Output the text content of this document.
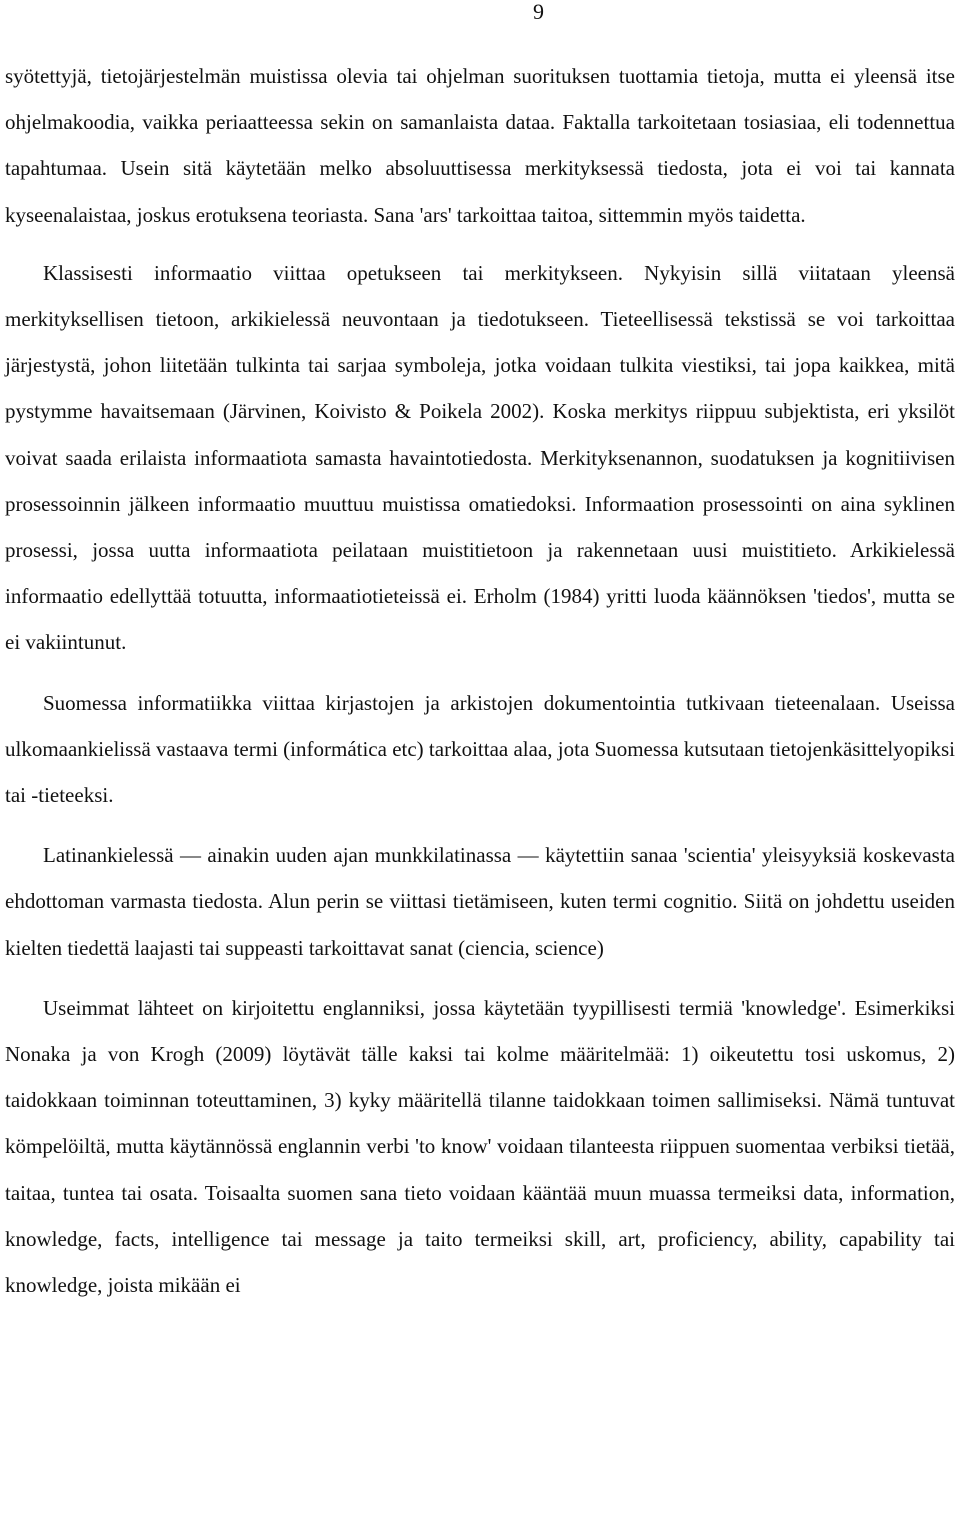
9

syötettyjä, tietojärjestelmän muistissa olevia tai ohjelman suorituksen tuottamia tietoja, mutta ei yleensä itse ohjelmakoodia, vaikka periaatteessa sekin on samanlaista dataa. Faktalla tarkoitetaan tosiasiaa, eli todennettua tapahtumaa. Usein sitä käytetään melko absoluuttisessa merkityksessä tiedosta, jota ei voi tai kannata kyseenalaistaa, joskus erotuksena teoriasta. Sana 'ars' tarkoittaa taitoa, sittemmin myös taidetta.

Klassisesti informaatio viittaa opetukseen tai merkitykseen. Nykyisin sillä viitataan yleensä merkityksellisen tietoon, arkikielessä neuvontaan ja tiedotukseen. Tieteellisessä tekstissä se voi tarkoittaa järjestystä, johon liitetään tulkinta tai sarjaa symboleja, jotka voidaan tulkita viestiksi, tai jopa kaikkea, mitä pystymme havaitsemaan (Järvinen, Koivisto & Poikela 2002). Koska merkitys riippuu subjektista, eri yksilöt voivat saada erilaista informaatiota samasta havaintotiedosta. Merkityksenannon, suodatuksen ja kognitiivisen prosessoinnin jälkeen informaatio muuttuu muistissa omatiedoksi. Informaation prosessointi on aina syklinen prosessi, jossa uutta informaatiota peilataan muistitietoon ja rakennetaan uusi muistitieto. Arkikielessä informaatio edellyttää totuutta, informaatiotieteissä ei. Erholm (1984) yritti luoda käännöksen 'tiedos', mutta se ei vakiintunut.

Suomessa informatiikka viittaa kirjastojen ja arkistojen dokumentointia tutkivaan tieteenalaan. Useissa ulkomaankielissä vastaava termi (informática etc) tarkoittaa alaa, jota Suomessa kutsutaan tietojenkäsittelyopiksi tai -tieteeksi.

Latinankielessä — ainakin uuden ajan munkkilatinassa — käytettiin sanaa 'scientia' yleisyyksiä koskevasta ehdottoman varmasta tiedosta. Alun perin se viittasi tietämiseen, kuten termi cognitio. Siitä on johdettu useiden kielten tiedettä laajasti tai suppeasti tarkoittavat sanat (ciencia, science)

Useimmat lähteet on kirjoitettu englanniksi, jossa käytetään tyypillisesti termiä 'knowledge'. Esimerkiksi Nonaka ja von Krogh (2009) löytävät tälle kaksi tai kolme määritelmää: 1) oikeutettu tosi uskomus, 2) taidokkaan toiminnan toteuttaminen, 3) kyky määritellä tilanne taidokkaan toimen sallimiseksi. Nämä tuntuvat kömpelöiltä, mutta käytännössä englannin verbi 'to know' voidaan tilanteesta riippuen suomentaa verbiksi tietää, taitaa, tuntea tai osata. Toisaalta suomen sana tieto voidaan kääntää muun muassa termeiksi data, information, knowledge, facts, intelligence tai message ja taito termeiksi skill, art, proficiency, ability, capability tai knowledge, joista mikään ei
